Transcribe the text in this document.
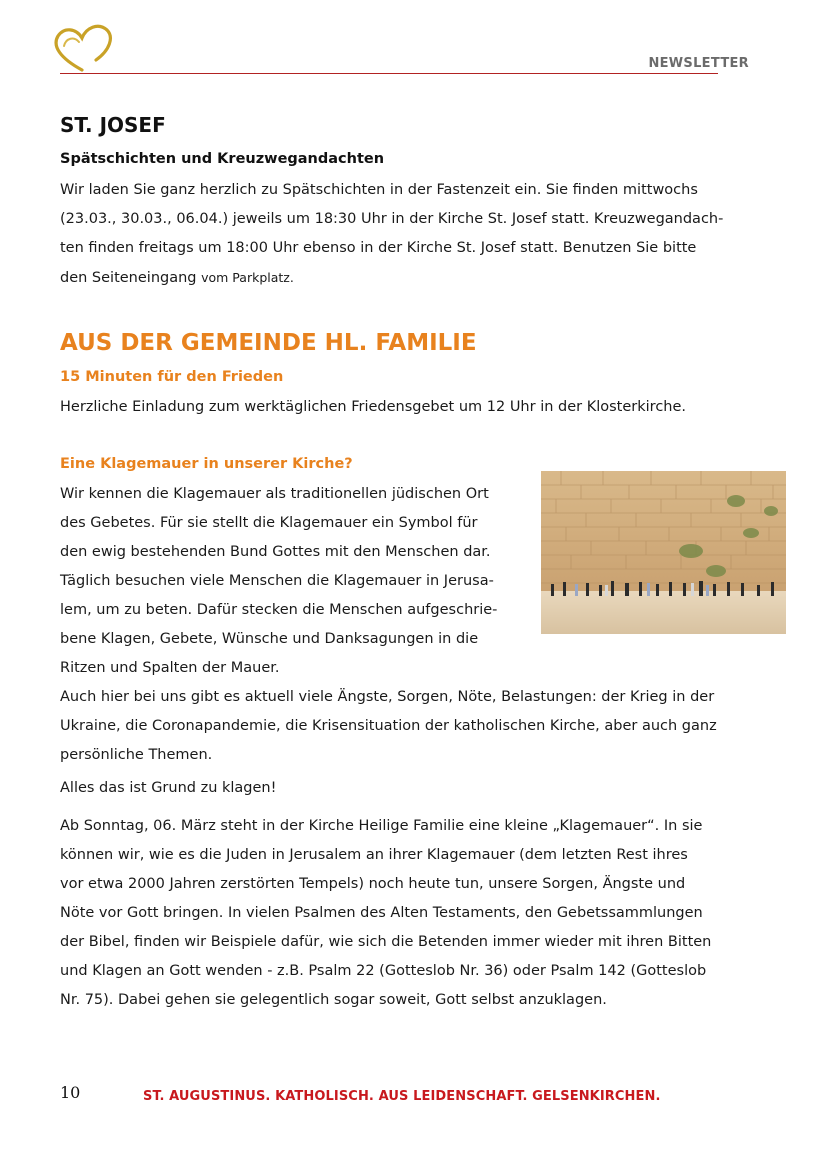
NEWSLETTER
ST. JOSEF
Spätschichten und Kreuzwegandachten
Wir laden Sie ganz herzlich zu Spätschichten in der Fastenzeit ein. Sie finden mittwochs
(23.03., 30.03., 06.04.) jeweils um 18:30 Uhr in der Kirche St. Josef statt. Kreuzwegandach-
ten finden freitags um 18:00 Uhr ebenso in der Kirche St. Josef statt. Benutzen Sie bitte
den Seiteneingang vom Parkplatz.
AUS DER GEMEINDE HL. FAMILIE
15 Minuten für den Frieden
Herzliche Einladung zum werktäglichen Friedensgebet um 12 Uhr in der Klosterkirche.
Eine Klagemauer in unserer Kirche?
Wir kennen die Klagemauer als traditionellen jüdischen Ort
des Gebetes. Für sie stellt die Klagemauer ein Symbol für
den ewig bestehenden Bund Gottes mit den Menschen dar.
Täglich besuchen viele Menschen die Klagemauer in Jerusa-
lem, um zu beten. Dafür stecken die Menschen aufgeschrie-
bene Klagen, Gebete, Wünsche und Danksagungen in die
Ritzen und Spalten der Mauer.
Auch hier bei uns gibt es aktuell viele Ängste, Sorgen, Nöte, Belastungen: der Krieg in der
Ukraine, die Coronapandemie, die Krisensituation der katholischen Kirche, aber auch ganz
persönliche Themen.
Alles das ist Grund zu klagen!
Ab Sonntag, 06. März steht in der Kirche Heilige Familie eine kleine „Klagemauer“. In sie
können wir, wie es die Juden in Jerusalem an ihrer Klagemauer (dem letzten Rest ihres
vor etwa 2000 Jahren zerstörten Tempels) noch heute tun, unsere Sorgen, Ängste und
Nöte vor Gott bringen. In vielen Psalmen des Alten Testaments, den Gebetssammlungen
der Bibel, finden wir Beispiele dafür, wie sich die Betenden immer wieder mit ihren Bitten
und Klagen an Gott wenden - z.B. Psalm 22 (Gotteslob Nr. 36) oder Psalm 142 (Gotteslob
Nr. 75). Dabei gehen sie gelegentlich sogar soweit, Gott selbst anzuklagen.
10	ST. AUGUSTINUS. KATHOLISCH. AUS LEIDENSCHAFT. GELSENKIRCHEN.
